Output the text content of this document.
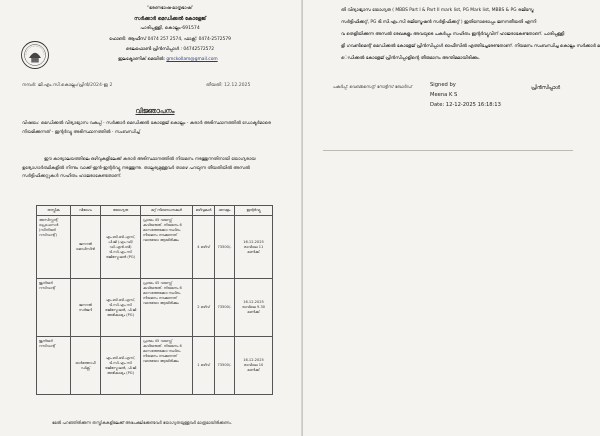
“ഭരണഭാഷ-മാതൃഭാഷ”
സർക്കാർ മെഡിക്കൽ കോളേജ്
പാരിപ്പള്ളി, കൊല്ലം-691574
ഫോൺ: ആഫീസ് 0474 257 2574, ഫാക്സ്: 0474-2572579
ടെലഫോൺ പ്രിൻസിപ്പാൾ : 04742572572
ഇലക്ട്രോണിക് മെയിൽ: gmckollam@gmail.com
നമ്പർ: ജി.എം.സി.കൊല്ലം/പ്രിൻ/2024-ഇ 2	തീയതി: 12.12.2025
വിജ്ഞാപനം
വിഷയം: മെഡിക്കൽ വിദ്യാഭ്യാസ വകുപ്പ് - സർക്കാർ മെഡിക്കൽ കോളേജ് കൊല്ലം - കരാർ അടിസ്ഥാനത്തിൽ ഡോക്ടർമാരെ നിയമിക്കുന്നത് - ഇന്റർവ്യൂ അടിസ്ഥാനത്തിൽ - സംബന്ധിച്ച്
ഈ കാര്യാലയത്തിലെ ഒഴിവുകളിലേക്ക് കരാർ അടിസ്ഥാനത്തിൽ നിയമനം നടത്തുന്നതിനായി യോഗ്യരായ ഉദ്യോഗാർത്ഥികളിൽ നിന്നും വാക്ക്-ഇൻ-ഇന്റർവ്യൂ നടത്തുന്നു. താല്പര്യമുള്ളവർ താഴെ പറയുന്ന തീയതിയിൽ അസൽ സർട്ടിഫിക്കറ്റുകൾ സഹിതം ഹാജരാകേണ്ടതാണ്.
തസ്തിക	വിഭാഗം	യോഗ്യത	മറ്റ് നിബന്ധനകൾ	ഒഴിവുകൾ	ശമ്പളം	ഇന്റർവ്യൂ
അസിസ്റ്റന്റ് പ്രൊഫസർ (സീനിയർ റസിഡന്റ്)	ജനറൽ മെഡിസിൻ	എം.ബി.ബി.എസ്, പി.ജി (എം.ഡി/ഡി.എൻ.ബി) ടി.സി.എം.സി രജിസ്ട്രേഷൻ (PG)	പ്രായം 45 വയസ്സ് കവിയരുത്. നിയമനം 6 മാസത്തേക്കോ സ്ഥിരം നിയമനം നടക്കുന്നത് വരെയോ ആയിരിക്കും	4 ഒഴിവ്	73500/-	16.12.2025 രാവിലെ 11 മണിക്ക്
ജൂനിയർ റസിഡന്റ്	ജനറൽ സർജറി	എം.ബി.ബി.എസ്, ടി.സി.എം.സി രജിസ്ട്രേഷൻ, പി.ജി അഭികാമ്യം (PG)	പ്രായം 45 വയസ്സ് കവിയരുത്. നിയമനം 6 മാസത്തേക്കോ സ്ഥിരം നിയമനം നടക്കുന്നത് വരെയോ ആയിരിക്കും	2 ഒഴിവ്	73500/-	16.12.2025 രാവിലെ 9.30 മണിക്ക്
ജൂനിയർ റസിഡന്റ്	ഓർത്തോപീഡിക്സ്	എം.ബി.ബി.എസ്, ടി.സി.എം.സി രജിസ്ട്രേഷൻ, പി.ജി അഭികാമ്യം (PG)	പ്രായം 45 വയസ്സ് കവിയരുത്. നിയമനം 6 മാസത്തേക്കോ സ്ഥിരം നിയമനം നടക്കുന്നത് വരെയോ ആയിരിക്കും	1 ഒഴിവ്	73500/-	16.12.2025 രാവിലെ 10 മണിക്ക്
മേൽ പറഞ്ഞിരിക്കുന്ന തസ്തികകളിലേക്ക് അപേക്ഷിക്കേണ്ടവർ യോഗ്യതയുള്ളവർ മാത്രമായിരിക്കണം.
തി വിദ്യാഭ്യാസ യോഗ്യത ( MBBS Part I & Part II mark list, PG Mark list, MBBS & PG രജിസ്ട്രേ
സർട്ടിഫിക്കറ്റ്, PG ടി.സി.എം.സി രജിസ്ട്രേഷൻ സർട്ടിഫിക്കറ്റ് ) ഇതിനോടൊപ്പം ജനനതീയതി എന്നി
വ തെളിയിക്കുന്ന അസൽ രേഖകളും അവയുടെ പകർപ്പും സഹിതം ഇന്റർവ്യൂവിന് ഹാജരാകേണ്ടതാണ്. പാരിപ്പള്ളി
ളി ഗവൺമെന്റ് മെഡിക്കൽ കോളേജ് പ്രിൻസിപ്പാൾ ഓഫീസിൽ എത്തിച്ചേരേണ്ടതാണ്. നിയമനം സംബന്ധിച്ച കൊല്ലം സർക്കാർ മ
െഡിക്കൽ കോളേജ് പ്രിൻസിപ്പാളിന്റെ തീരുമാനം അന്തിമമായിരിക്കും.
Signed by
Meena K S
Date: 12-12-2025 16:18:13
പ്രിൻസിപ്പാൾ
പകർപ്പ്: വെബ്സൈറ്റ്/ നോട്ടീസ് ബോർഡ്
